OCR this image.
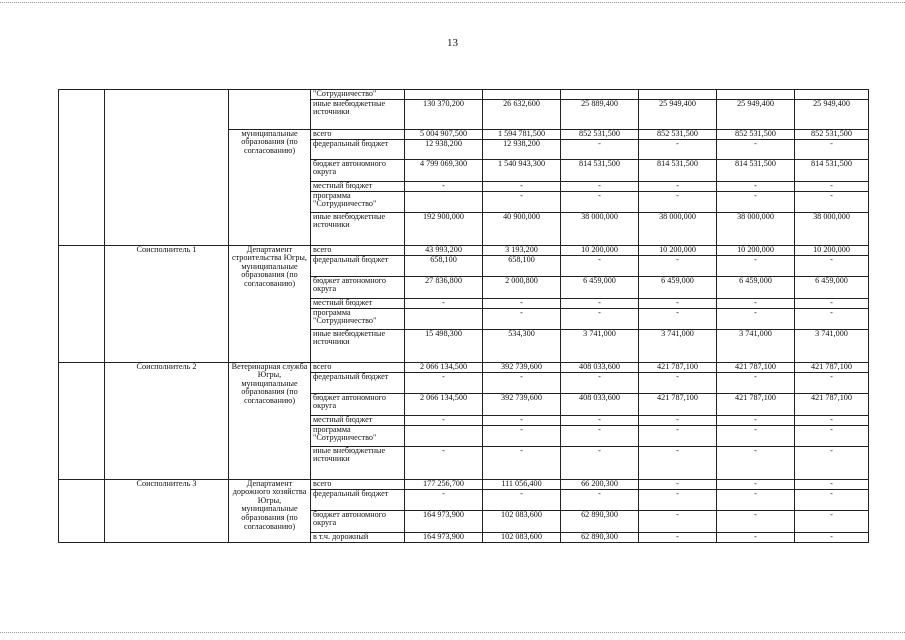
13
			"Сотрудничество"						
			иные внебюджетные источники	130 370,200	26 632,600	25 889,400	25 949,400	25 949,400	25 949,400
		муниципальные образования (по согласованию)	всего	5 004 907,500	1 594 781,500	852 531,500	852 531,500	852 531,500	852 531,500
			федеральный бюджет	12 938,200	12 938,200	-	-	-	-
			бюджет автономного округа	4 799 069,300	1 540 943,300	814 531,500	814 531,500	814 531,500	814 531,500
			местный бюджет	-	-	-	-	-	-
			программа "Сотрудничество"		-	-	-	-	-
			иные внебюджетные источники	192 900,000	40 900,000	38 000,000	38 000,000	38 000,000	38 000,000
	Соисполнитель 1	Департамент строительства Югры, муниципальные образования (по согласованию)	всего	43 993,200	3 193,200	10 200,000	10 200,000	10 200,000	10 200,000
			федеральный бюджет	658,100	658,100	-	-	-	-
			бюджет автономного округа	27 836,800	2 000,800	6 459,000	6 459,000	6 459,000	6 459,000
			местный бюджет	-	-	-	-	-	-
			программа "Сотрудничество"		-	-	-	-	-
			иные внебюджетные источники	15 498,300	534,300	3 741,000	3 741,000	3 741,000	3 741,000
	Соисполнитель 2	Ветеринарная служба Югры, муниципальные образования (по согласованию)	всего	2 066 134,500	392 739,600	408 033,600	421 787,100	421 787,100	421 787,100
			федеральный бюджет	-	-	-	-	-	-
			бюджет автономного округа	2 066 134,500	392 739,600	408 033,600	421 787,100	421 787,100	421 787,100
			местный бюджет	-	-	-	-	-	-
			программа "Сотрудничество"		-	-	-	-	-
			иные внебюджетные источники	-	-	-	-	-	-
	Соисполнитель 3	Департамент дорожного хозяйства Югры, муниципальные образования (по согласованию)	всего	177 256,700	111 056,400	66 200,300	-	-	-
			федеральный бюджет	-	-	-	-	-	-
			бюджет автономного округа	164 973,900	102 083,600	62 890,300	-	-	-
			в т.ч. дорожный	164 973,900	102 083,600	62 890,300	-	-	-
